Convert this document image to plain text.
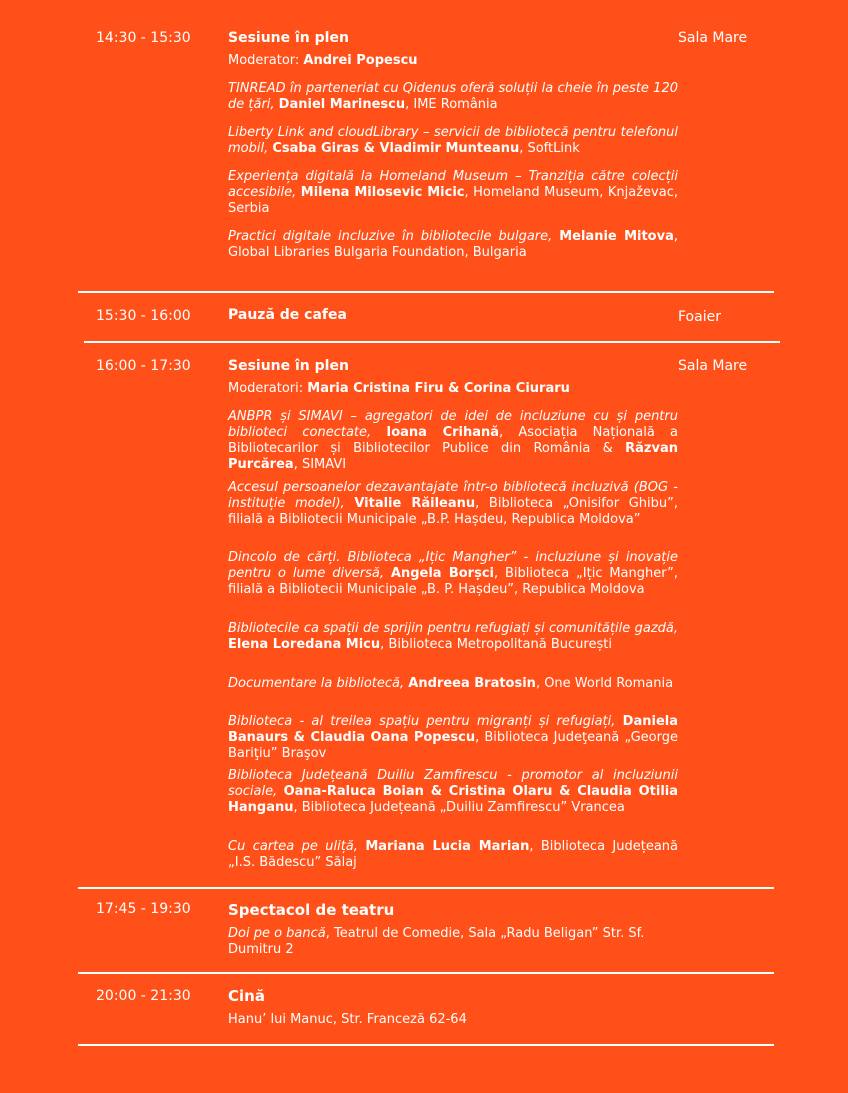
14:30 - 15:30	Sesiune în plen	Sala Mare
Moderator: Andrei Popescu
TINREAD în parteneriat cu Qidenus oferă soluții la cheie în peste 120 de țări, Daniel Marinescu, IME România
Liberty Link and cloudLibrary – servicii de bibliotecă pentru telefonul mobil, Csaba Giras & Vladimir Munteanu, SoftLink
Experiența digitală la Homeland Museum – Tranziția către colecții accesibile, Milena Milosevic Micic, Homeland Museum, Knjaževac, Serbia
Practici digitale incluzive în bibliotecile bulgare, Melanie Mitova, Global Libraries Bulgaria Foundation, Bulgaria
15:30 - 16:00	Pauză de cafea	Foaier
16:00 - 17:30	Sesiune în plen	Sala Mare
Moderatori: Maria Cristina Firu & Corina Ciuraru
ANBPR și SIMAVI – agregatori de idei de incluziune cu și pentru biblioteci conectate, Ioana Crihană, Asociația Națională a Bibliotecarilor și Bibliotecilor Publice din România & Răzvan Purcărea, SIMAVI
Accesul persoanelor dezavantajate într-o bibliotecă incluzivă (BOG - instituție model), Vitalie Răileanu, Biblioteca „Onisifor Ghibu”, filială a Bibliotecii Municipale „B.P. Hașdeu, Republica Moldova”
Dincolo de cărți. Biblioteca „Ițic Mangher” - incluziune și inovație pentru o lume diversă, Angela Borșci, Biblioteca „Ițic Mangher”, filială a Bibliotecii Municipale „B. P. Hașdeu”, Republica Moldova
Bibliotecile ca spații de sprijin pentru refugiați și comunitățile gazdă, Elena Loredana Micu, Biblioteca Metropolitană București
Documentare la bibliotecă, Andreea Bratosin, One World Romania
Biblioteca - al treilea spațiu pentru migranți și refugiați, Daniela Banaurs & Claudia Oana Popescu, Biblioteca Judeţeană „George Bariţiu” Braşov
Biblioteca Județeană Duiliu Zamfirescu - promotor al incluziunii sociale, Oana-Raluca Boian & Cristina Olaru & Claudia Otilia Hanganu, Biblioteca Județeană „Duiliu Zamfirescu” Vrancea
Cu cartea pe uliță, Mariana Lucia Marian, Biblioteca Județeană „I.S. Bădescu” Sălaj
17:45 - 19:30 Spectacol de teatru
Doi pe o bancă, Teatrul de Comedie, Sala „Radu Beligan” Str. Sf. Dumitru 2
20:00 - 21:30 Cină
Hanu’ lui Manuc, Str. Franceză 62-64
